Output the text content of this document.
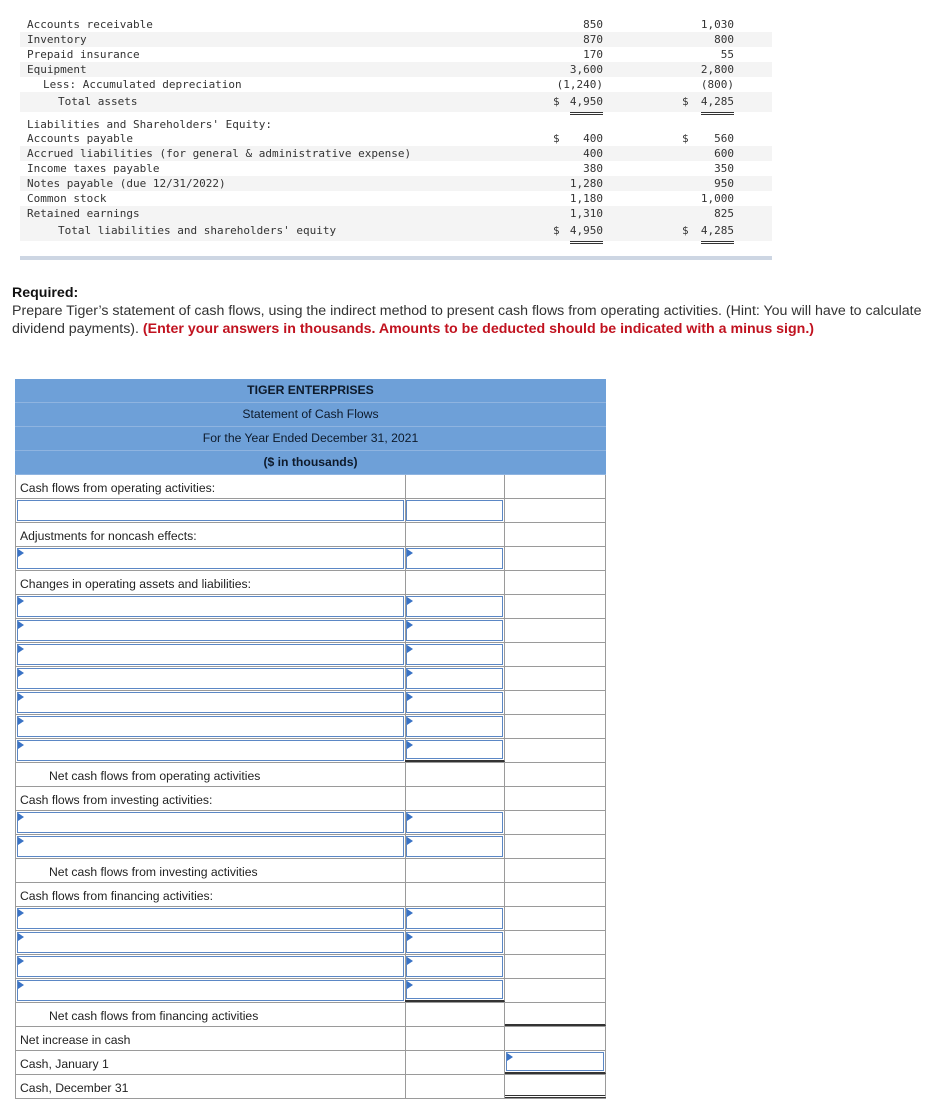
Accounts receivable	850	1,030
Inventory	870	800
Prepaid insurance	170	55
Equipment	3,600	2,800
Less: Accumulated depreciation	(1,240)	(800)
Total assets	$ 4,950	$ 4,285
Liabilities and Shareholders' Equity:
Accounts payable	$ 400	$ 560
Accrued liabilities (for general & administrative expense)	400	600
Income taxes payable	380	350
Notes payable (due 12/31/2022)	1,280	950
Common stock	1,180	1,000
Retained earnings	1,310	825
Total liabilities and shareholders' equity	$ 4,950	$ 4,285
Required:
Prepare Tiger’s statement of cash flows, using the indirect method to present cash flows from operating activities. (Hint: You will have to calculate dividend payments). (Enter your answers in thousands. Amounts to be deducted should be indicated with a minus sign.)
TIGER ENTERPRISES
Statement of Cash Flows
For the Year Ended December 31, 2021
($ in thousands)
Cash flows from operating activities:
Adjustments for noncash effects:
Changes in operating assets and liabilities:
Net cash flows from operating activities
Cash flows from investing activities:
Net cash flows from investing activities
Cash flows from financing activities:
Net cash flows from financing activities
Net increase in cash
Cash, January 1
Cash, December 31
